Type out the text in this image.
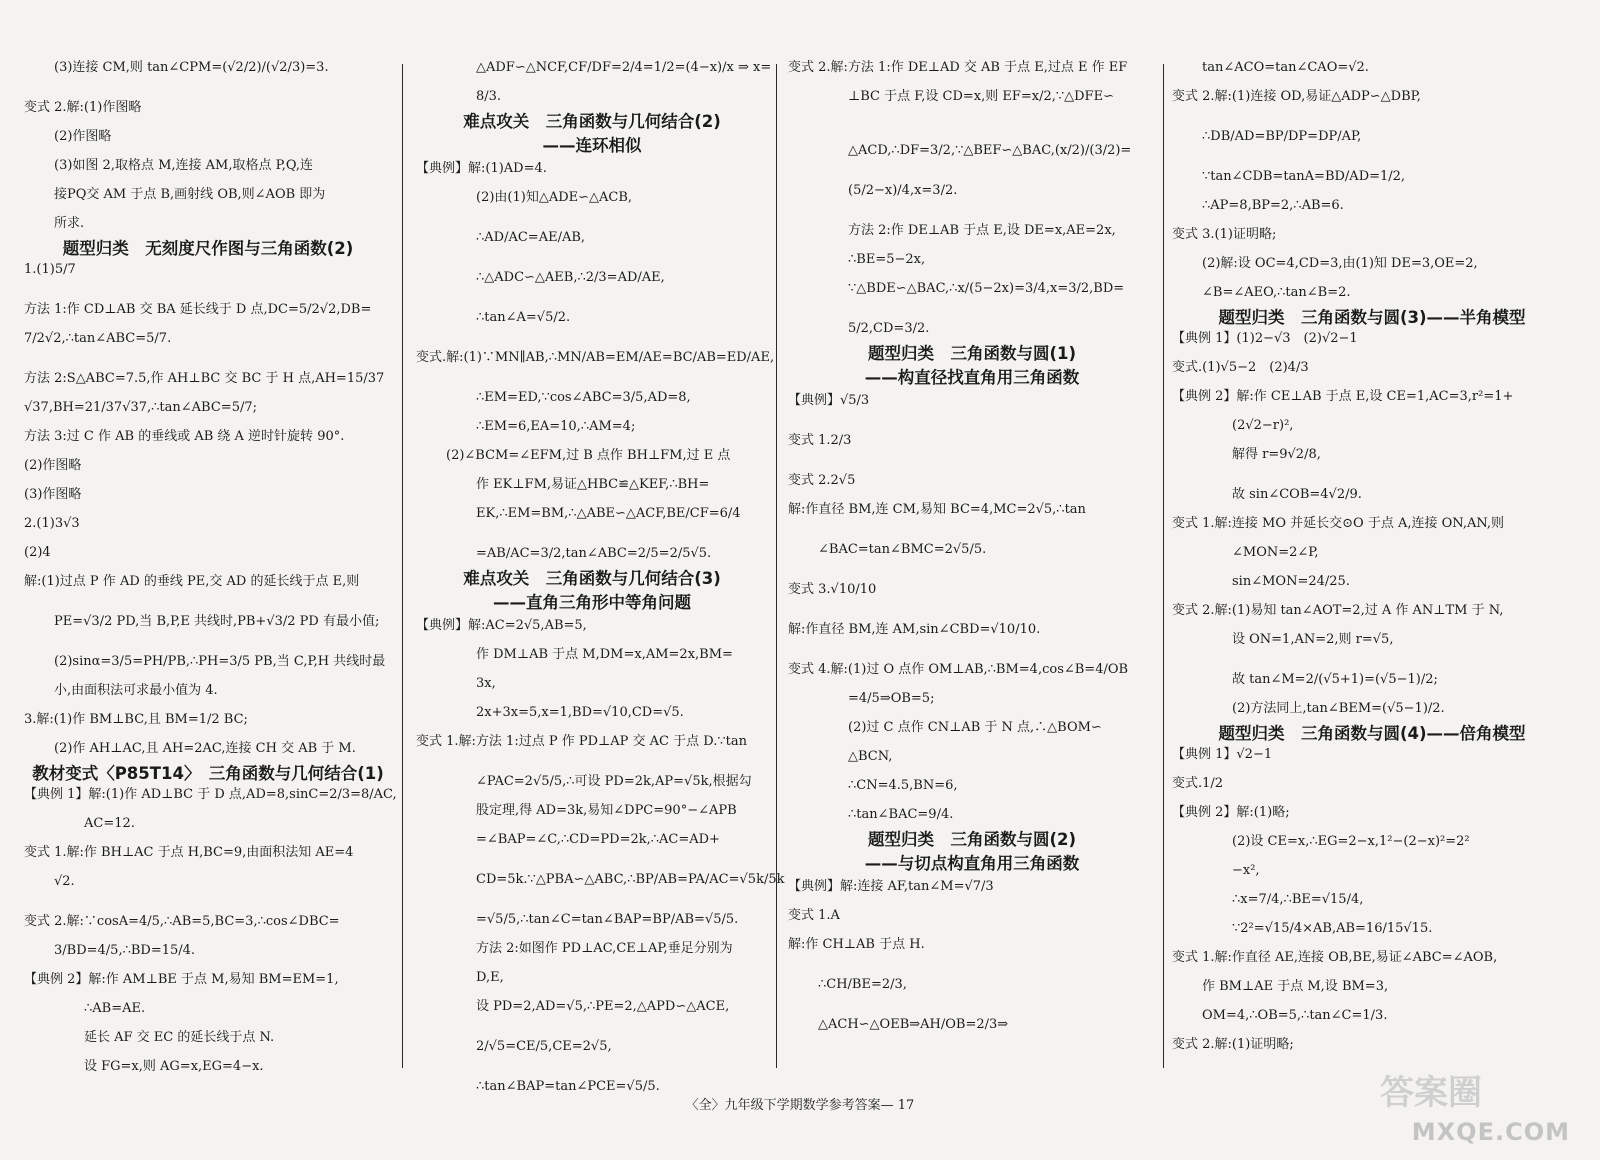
(3)连接 CM,则 tan∠CPM=(√2/2)/(√2/3)=3.

变式 2.解:(1)作图略

(2)作图略

(3)如图 2,取格点 M,连接 AM,取格点 P,Q,连

接PQ交 AM 于点 B,画射线 OB,则∠AOB 即为

所求.

题型归类　无刻度尺作图与三角函数(2)

1.(1)5/7

方法 1:作 CD⊥AB 交 BA 延长线于 D 点,DC=5/2√2,DB=

7/2√2,∴tan∠ABC=5/7.

方法 2:S△ABC=7.5,作 AH⊥BC 交 BC 于 H 点,AH=15/37

√37,BH=21/37√37,∴tan∠ABC=5/7;

方法 3:过 C 作 AB 的垂线或 AB 绕 A 逆时针旋转 90°.

(2)作图略

(3)作图略

2.(1)3√3

(2)4

解:(1)过点 P 作 AD 的垂线 PE,交 AD 的延长线于点 E,则

PE=√3/2 PD,当 B,P,E 共线时,PB+√3/2 PD 有最小值;

(2)sinα=3/5=PH/PB,∴PH=3/5 PB,当 C,P,H 共线时最

小,由面积法可求最小值为 4.

3.解:(1)作 BM⊥BC,且 BM=1/2 BC;

(2)作 AH⊥AC,且 AH=2AC,连接 CH 交 AB 于 M.

教材变式〈P85T14〉　三角函数与几何结合(1)

【典例 1】解:(1)作 AD⊥BC 于 D 点,AD=8,sinC=2/3=8/AC,

AC=12.

变式 1.解:作 BH⊥AC 于点 H,BC=9,由面积法知 AE=4

√2.

变式 2.解:∵cosA=4/5,∴AB=5,BC=3,∴cos∠DBC=

3/BD=4/5,∴BD=15/4.

【典例 2】解:作 AM⊥BE 于点 M,易知 BM=EM=1,

∴AB=AE.

延长 AF 交 EC 的延长线于点 N.

设 FG=x,则 AG=x,EG=4−x.

△ADF∽△NCF,CF/DF=2/4=1/2=(4−x)/x ⇒ x=

8/3.

难点攻关　三角函数与几何结合(2)
——连环相似

【典例】解:(1)AD=4.

(2)由(1)知△ADE∽△ACB,

∴AD/AC=AE/AB,

∴△ADC∽△AEB,∴2/3=AD/AE,

∴tan∠A=√5/2.

变式.解:(1)∵MN∥AB,∴MN/AB=EM/AE=BC/AB=ED/AE,

∴EM=ED,∵cos∠ABC=3/5,AD=8,

∴EM=6,EA=10,∴AM=4;

(2)∠BCM=∠EFM,过 B 点作 BH⊥FM,过 E 点

作 EK⊥FM,易证△HBC≌△KEF,∴BH=

EK,∴EM=BM,∴△ABE∽△ACF,BE/CF=6/4

=AB/AC=3/2,tan∠ABC=2/5=2/5√5.

难点攻关　三角函数与几何结合(3)
——直角三角形中等角问题

【典例】解:AC=2√5,AB=5,

作 DM⊥AB 于点 M,DM=x,AM=2x,BM=

3x,

2x+3x=5,x=1,BD=√10,CD=√5.

变式 1.解:方法 1:过点 P 作 PD⊥AP 交 AC 于点 D.∵tan

∠PAC=2√5/5,∴可设 PD=2k,AP=√5k,根据勾

股定理,得 AD=3k,易知∠DPC=90°−∠APB

=∠BAP=∠C,∴CD=PD=2k,∴AC=AD+

CD=5k.∵△PBA∽△ABC,∴BP/AB=PA/AC=√5k/5k

=√5/5,∴tan∠C=tan∠BAP=BP/AB=√5/5.

方法 2:如图作 PD⊥AC,CE⊥AP,垂足分别为

D,E,

设 PD=2,AD=√5,∴PE=2,△APD∽△ACE,

2/√5=CE/5,CE=2√5,

∴tan∠BAP=tan∠PCE=√5/5.

变式 2.解:方法 1:作 DE⊥AD 交 AB 于点 E,过点 E 作 EF

⊥BC 于点 F,设 CD=x,则 EF=x/2,∵△DFE∽

△ACD,∴DF=3/2,∵△BEF∽△BAC,(x/2)/(3/2)=

(5/2−x)/4,x=3/2.

方法 2:作 DE⊥AB 于点 E,设 DE=x,AE=2x,

∴BE=5−2x,

∵△BDE∽△BAC,∴x/(5−2x)=3/4,x=3/2,BD=

5/2,CD=3/2.

题型归类　三角函数与圆(1)
——构直径找直角用三角函数

【典例】√5/3

变式 1.2/3

变式 2.2√5

解:作直径 BM,连 CM,易知 BC=4,MC=2√5,∴tan

∠BAC=tan∠BMC=2√5/5.

变式 3.√10/10

解:作直径 BM,连 AM,sin∠CBD=√10/10.

变式 4.解:(1)过 O 点作 OM⊥AB,∴BM=4,cos∠B=4/OB

=4/5⇒OB=5;

(2)过 C 点作 CN⊥AB 于 N 点,∴△BOM∽

△BCN,

∴CN=4.5,BN=6,

∴tan∠BAC=9/4.

题型归类　三角函数与圆(2)
——与切点构直角用三角函数

【典例】解:连接 AF,tan∠M=√7/3

变式 1.A

解:作 CH⊥AB 于点 H.

∴CH/BE=2/3,

△ACH∽△OEB⇒AH/OB=2/3⇒

tan∠ACO=tan∠CAO=√2.

变式 2.解:(1)连接 OD,易证△ADP∽△DBP,

∴DB/AD=BP/DP=DP/AP,

∵tan∠CDB=tanA=BD/AD=1/2,

∴AP=8,BP=2,∴AB=6.

变式 3.(1)证明略;

(2)解:设 OC=4,CD=3,由(1)知 DE=3,OE=2,

∠B=∠AEO,∴tan∠B=2.

题型归类　三角函数与圆(3)——半角模型

【典例 1】(1)2−√3　(2)√2−1

变式.(1)√5−2　(2)4/3

【典例 2】解:作 CE⊥AB 于点 E,设 CE=1,AC=3,r²=1+

(2√2−r)²,

解得 r=9√2/8,

故 sin∠COB=4√2/9.

变式 1.解:连接 MO 并延长交⊙O 于点 A,连接 ON,AN,则

∠MON=2∠P,

sin∠MON=24/25.

变式 2.解:(1)易知 tan∠AOT=2,过 A 作 AN⊥TM 于 N,

设 ON=1,AN=2,则 r=√5,

故 tan∠M=2/(√5+1)=(√5−1)/2;

(2)方法同上,tan∠BEM=(√5−1)/2.

题型归类　三角函数与圆(4)——倍角模型

【典例 1】√2−1

变式.1/2

【典例 2】解:(1)略;

(2)设 CE=x,∴EG=2−x,1²−(2−x)²=2²

−x²,

∴x=7/4,∴BE=√15/4,

∵2²=√15/4×AB,AB=16/15√15.

变式 1.解:作直径 AE,连接 OB,BE,易证∠ABC=∠AOB,

作 BM⊥AE 于点 M,设 BM=3,

OM=4,∴OB=5,∴tan∠C=1/3.

变式 2.解:(1)证明略;

〈全〉九年级下学期数学参考答案— 17	答案圈
MXQE.COM
